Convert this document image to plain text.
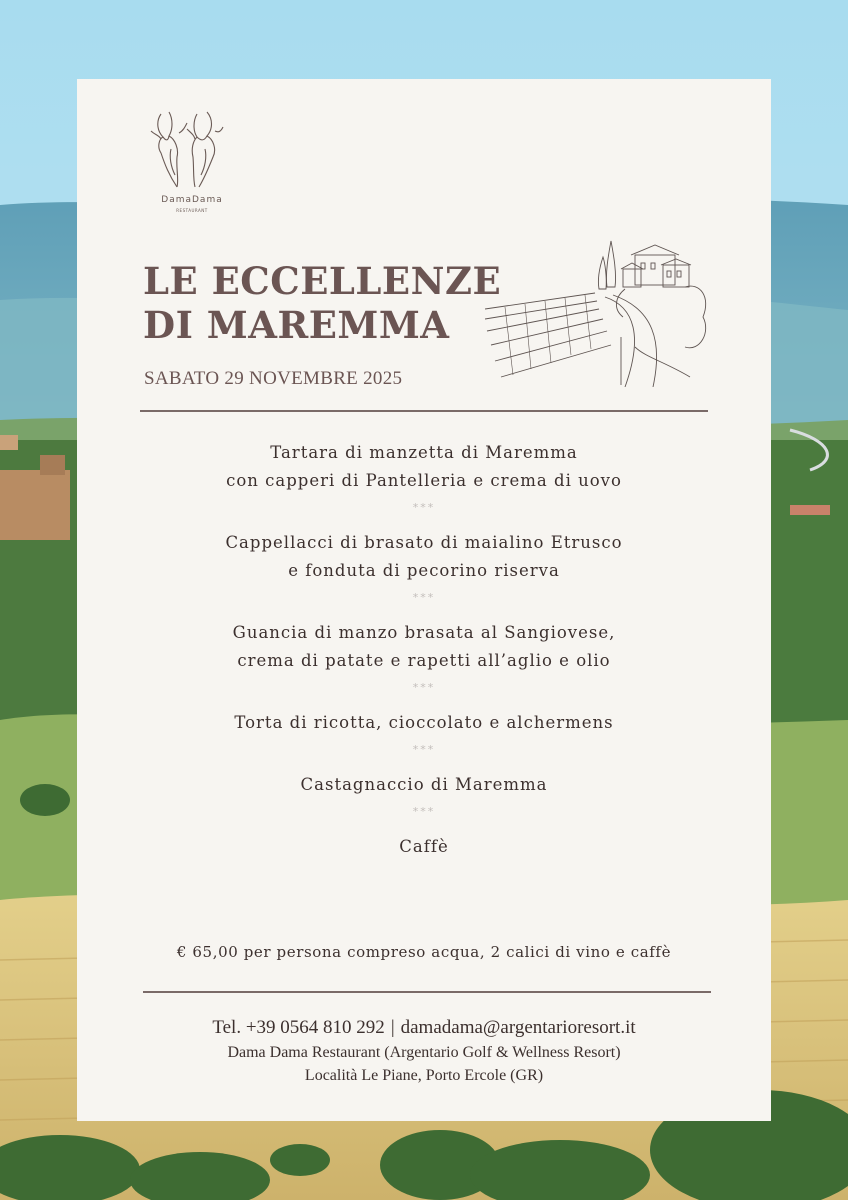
DamaDama
RESTAURANT
LE ECCELLENZE
DI MAREMMA
SABATO 29 NOVEMBRE 2025
Tartara di manzetta di Maremma
con capperi di Pantelleria e crema di uovo
***
Cappellacci di brasato di maialino Etrusco
e fonduta di pecorino riserva
***
Guancia di manzo brasata al Sangiovese,
crema di patate e rapetti all’aglio e olio
***
Torta di ricotta, cioccolato e alchermens
***
Castagnaccio di Maremma
***
Caffè
€ 65,00 per persona compreso acqua, 2 calici di vino e caffè
Tel. +39 0564 810 292 | damadama@argentarioresort.it
Dama Dama Restaurant (Argentario Golf & Wellness Resort)
Località Le Piane, Porto Ercole (GR)
